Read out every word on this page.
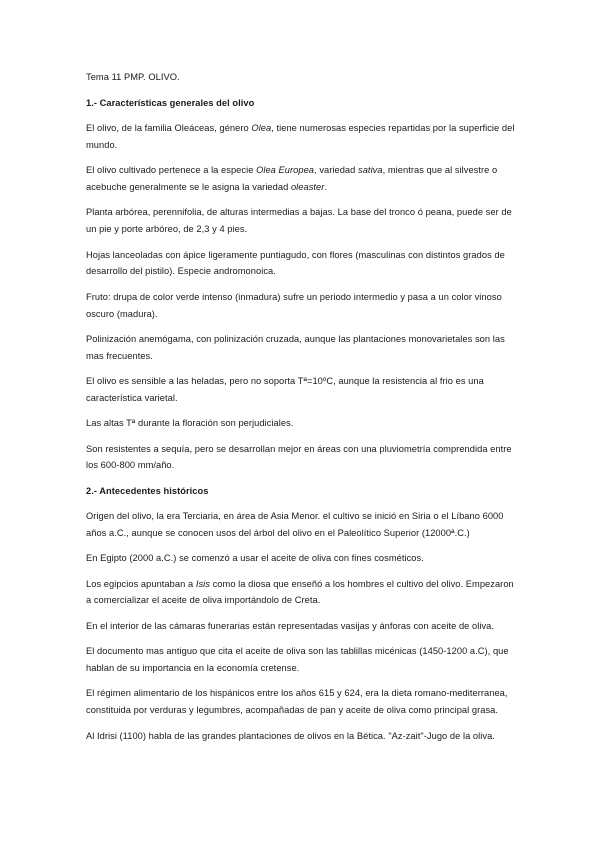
Tema 11 PMP. OLIVO.

1.- Características generales del olivo

El olivo, de la familia Oleáceas, género Olea, tiene numerosas especies repartidas por la superficie del mundo.

El olivo cultivado pertenece a la especie Olea Europea, variedad sativa, mientras que al silvestre o acebuche generalmente se le asigna la variedad oleaster.

Planta arbórea, perennifolia, de alturas intermedias a bajas. La base del tronco ó peana, puede ser de un pie y porte arbóreo, de 2,3 y 4 pies.

Hojas lanceoladas con ápice ligeramente puntiagudo, con flores (masculinas con distintos grados de desarrollo del pistilo). Especie andromonoica.

Fruto: drupa de color verde intenso (inmadura) sufre un periodo intermedio y pasa a un color vinoso oscuro (madura).

Polinización anemógama, con polinización cruzada, aunque las plantaciones monovarietales son las mas frecuentes.

El olivo es sensible a las heladas, pero no soporta Tª=10ºC, aunque la resistencia al frio es una característica varietal.

Las altas Tª durante la floración son perjudiciales.

Son resistentes a sequía, pero se desarrollan mejor en áreas con una pluviometría comprendida entre los 600-800 mm/año.

2.- Antecedentes históricos

Origen del olivo, la era Terciaria, en área de Asia Menor. el cultivo se inició en Siria o el Líbano 6000 años a.C., aunque se conocen usos del árbol del olivo en el Paleolítico Superior (12000ª.C.)

En Egipto (2000 a.C.) se comenzó a usar el aceite de oliva con fines cosméticos.

Los egipcios apuntaban a Isis como la diosa que enseñó a los hombres el cultivo del olivo. Empezaron a comercializar el aceite de oliva importándolo de Creta.

En el interior de las cámaras funerarias están representadas vasijas y ánforas con aceite de oliva.

El documento mas antiguo que cita el aceite de oliva son las tablillas micénicas (1450-1200 a.C), que hablan de su importancia en la economía cretense.

El régimen alimentario de los hispánicos entre los años 615 y 624, era la dieta romano-mediterranea, constituida por verduras y legumbres, acompañadas de pan y aceite de oliva como principal grasa.

Al Idrisi (1100) habla de las grandes plantaciones de olivos en la Bética. "Az-zait"-Jugo de la oliva.
